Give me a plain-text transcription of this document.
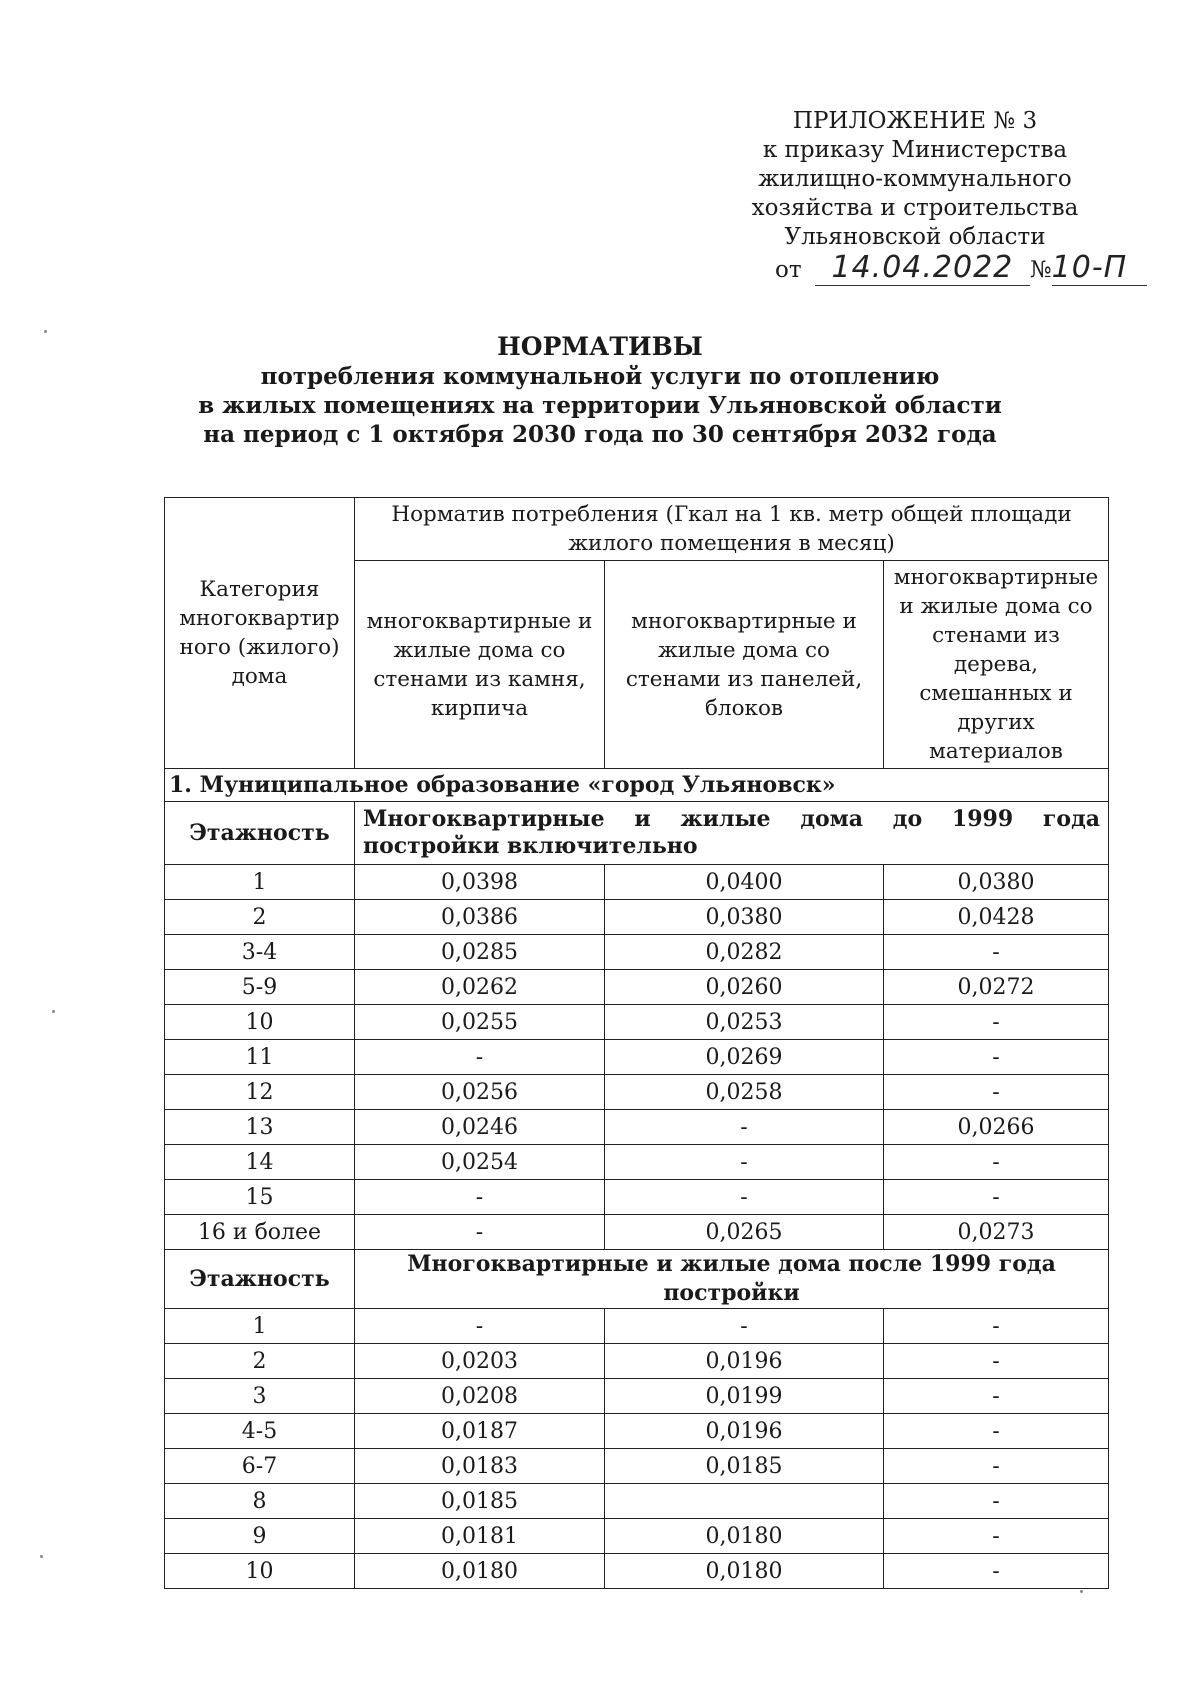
ПРИЛОЖЕНИЕ № 3
к приказу Министерства
жилищно-коммунального
хозяйства и строительства
Ульяновской области
от 14.04.2022 №10-П
НОРМАТИВЫ
потребления коммунальной услуги по отоплению
в жилых помещениях на территории Ульяновской области
на период с 1 октября 2030 года по 30 сентября 2032 года
Категория многоквартир ного (жилого) дома	Норматив потребления (Гкал на 1 кв. метр общей площади жилого помещения в месяц)		
	многоквартирные и жилые дома со стенами из камня, кирпича	многоквартирные и жилые дома со стенами из панелей, блоков	многоквартирные и жилые дома со стенами из дерева, смешанных и других материалов
1. Муниципальное образование «город Ульяновск»			
Этажность	Многоквартирные и жилые дома до 1999 года постройки включительно		
1	0,0398	0,0400	0,0380
2	0,0386	0,0380	0,0428
3-4	0,0285	0,0282	-
5-9	0,0262	0,0260	0,0272
10	0,0255	0,0253	-
11	-	0,0269	-
12	0,0256	0,0258	-
13	0,0246	-	0,0266
14	0,0254	-	-
15	-	-	-
16 и более	-	0,0265	0,0273
Этажность	Многоквартирные и жилые дома после 1999 года постройки		
1	-	-	-
2	0,0203	0,0196	-
3	0,0208	0,0199	-
4-5	0,0187	0,0196	-
6-7	0,0183	0,0185	-
8	0,0185		-
9	0,0181	0,0180	-
10	0,0180	0,0180	-
